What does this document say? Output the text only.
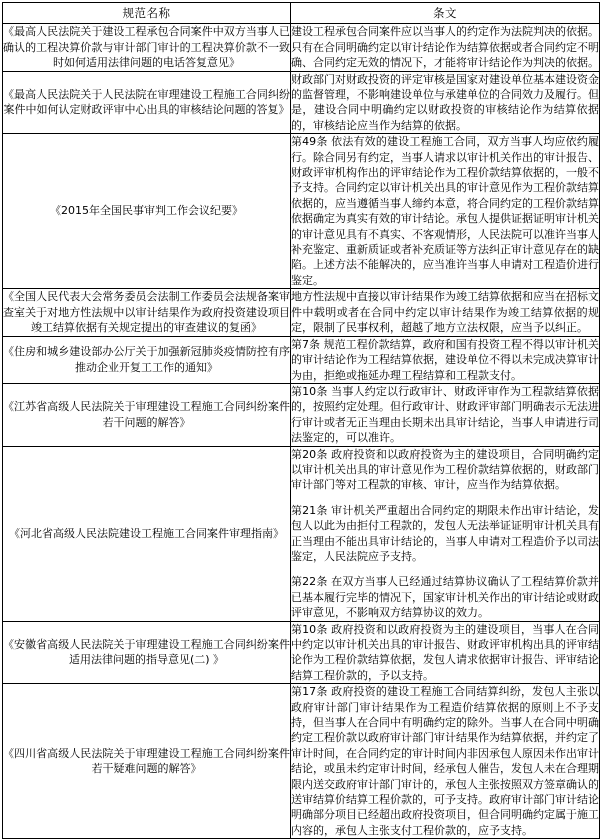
规范名称	条文

《最高人民法院关于建设工程承包合同案件中双方当事人已确认的工程决算价款与审计部门审计的工程决算价款不一致时如何适用法律问题的电话答复意见》	建设工程承包合同案件应以当事人的约定作为法院判决的依据。只有在合同明确约定以审计结论作为结算依据或者合同约定不明确、合同约定无效的情况下，才能将审计结论作为判决的依据。

《最高人民法院关于人民法院在审理建设工程施工合同纠纷案件中如何认定财政评审中心出具的审核结论问题的答复》	财政部门对财政投资的评定审核是国家对建设单位基本建设资金的监督管理，不影响建设单位与承建单位的合同效力及履行。但是，建设合同中明确约定以财政投资的审核结论作为结算依据的，审核结论应当作为结算的依据。

《2015年全国民事审判工作会议纪要》	第49条 依法有效的建设工程施工合同，双方当事人均应依约履行。除合同另有约定，当事人请求以审计机关作出的审计报告、财政评审机构作出的评审结论作为工程价款结算依据的，一般不予支持。合同约定以审计机关出具的审计意见作为工程价款结算依据的，应当遵循当事人缔约本意，将合同约定的工程价款结算依据确定为真实有效的审计结论。承包人提供证据证明审计机关的审计意见具有不真实、不客观情形，人民法院可以准许当事人补充鉴定、重新质证或者补充质证等方法纠正审计意见存在的缺陷。上述方法不能解决的，应当准许当事人申请对工程造价进行鉴定。

《全国人民代表大会常务委员会法制工作委员会法规备案审查室关于对地方性法规中以审计结果作为政府投资建设项目竣工结算依据有关规定提出的审查建议的复函》	地方性法规中直接以审计结果作为竣工结算依据和应当在招标文件中载明或者在合同中约定以审计结果作为竣工结算依据的规定，限制了民事权利，超越了地方立法权限，应当予以纠正。

《住房和城乡建设部办公厅关于加强新冠肺炎疫情防控有序推动企业开复工工作的通知》	第7条 规范工程价款结算，政府和国有投资工程不得以审计机关的审计结论作为工程结算依据，建设单位不得以未完成决算审计为由，拒绝或拖延办理工程结算和工程款支付。

《江苏省高级人民法院关于审理建设工程施工合同纠纷案件若干问题的解答》	第10条 当事人约定以行政审计、财政评审作为工程款结算依据的，按照约定处理。但行政审计、财政评审部门明确表示无法进行审计或者无正当理由长期未出具审计结论，当事人申请进行司法鉴定的，可以准许。

《河北省高级人民法院建设工程施工合同案件审理指南》	第20条 政府投资和以政府投资为主的建设项目，合同明确约定以审计机关出具的审计意见作为工程价款结算依据的，财政部门审计部门等对工程款的审核、审计，应当作为结算依据。

第21条 审计机关严重超出合同约定的期限未作出审计结论，发包人以此为由拒付工程款的，发包人无法举证证明审计机关具有正当理由不能出具审计结论的，当事人申请对工程造价予以司法鉴定，人民法院应予支持。

第22条 在双方当事人已经通过结算协议确认了工程结算价款并已基本履行完毕的情况下，国家审计机关作出的审计结论或财政评审意见，不影响双方结算协议的效力。

《安徽省高级人民法院关于审理建设工程施工合同纠纷案件适用法律问题的指导意见(二) 》	第10条 政府投资和以政府投资为主的建设项目，当事人在合同中约定以审计机关出具的审计报告、财政评审机构出具的评审结论作为工程价款结算依据，发包人请求依据审计报告、评审结论结算工程价款的，予以支持。

《四川省高级人民法院关于审理建设工程施工合同纠纷案件若干疑难问题的解答》	第17条 政府投资的建设工程施工合同结算纠纷，发包人主张以政府审计部门审计结果作为工程造价结算依据的原则上不予支持，但当事人在合同中有明确约定的除外。当事人在合同中明确约定工程价款以政府审计部门审计结果作为结算依据，并约定了审计时间，在合同约定的审计时间内非因承包人原因未作出审计结论，或虽未约定审计时间，经承包人催告，发包人未在合理期限内送交政府审计部门审计的，承包人主张按照双方签章确认的送审结算价结算工程价款的，可予支持。政府审计部门审计结论明确部分项目已经超出政府投资项目，但合同明确约定属于施工内容的，承包人主张支付工程价款的，应予支持。
